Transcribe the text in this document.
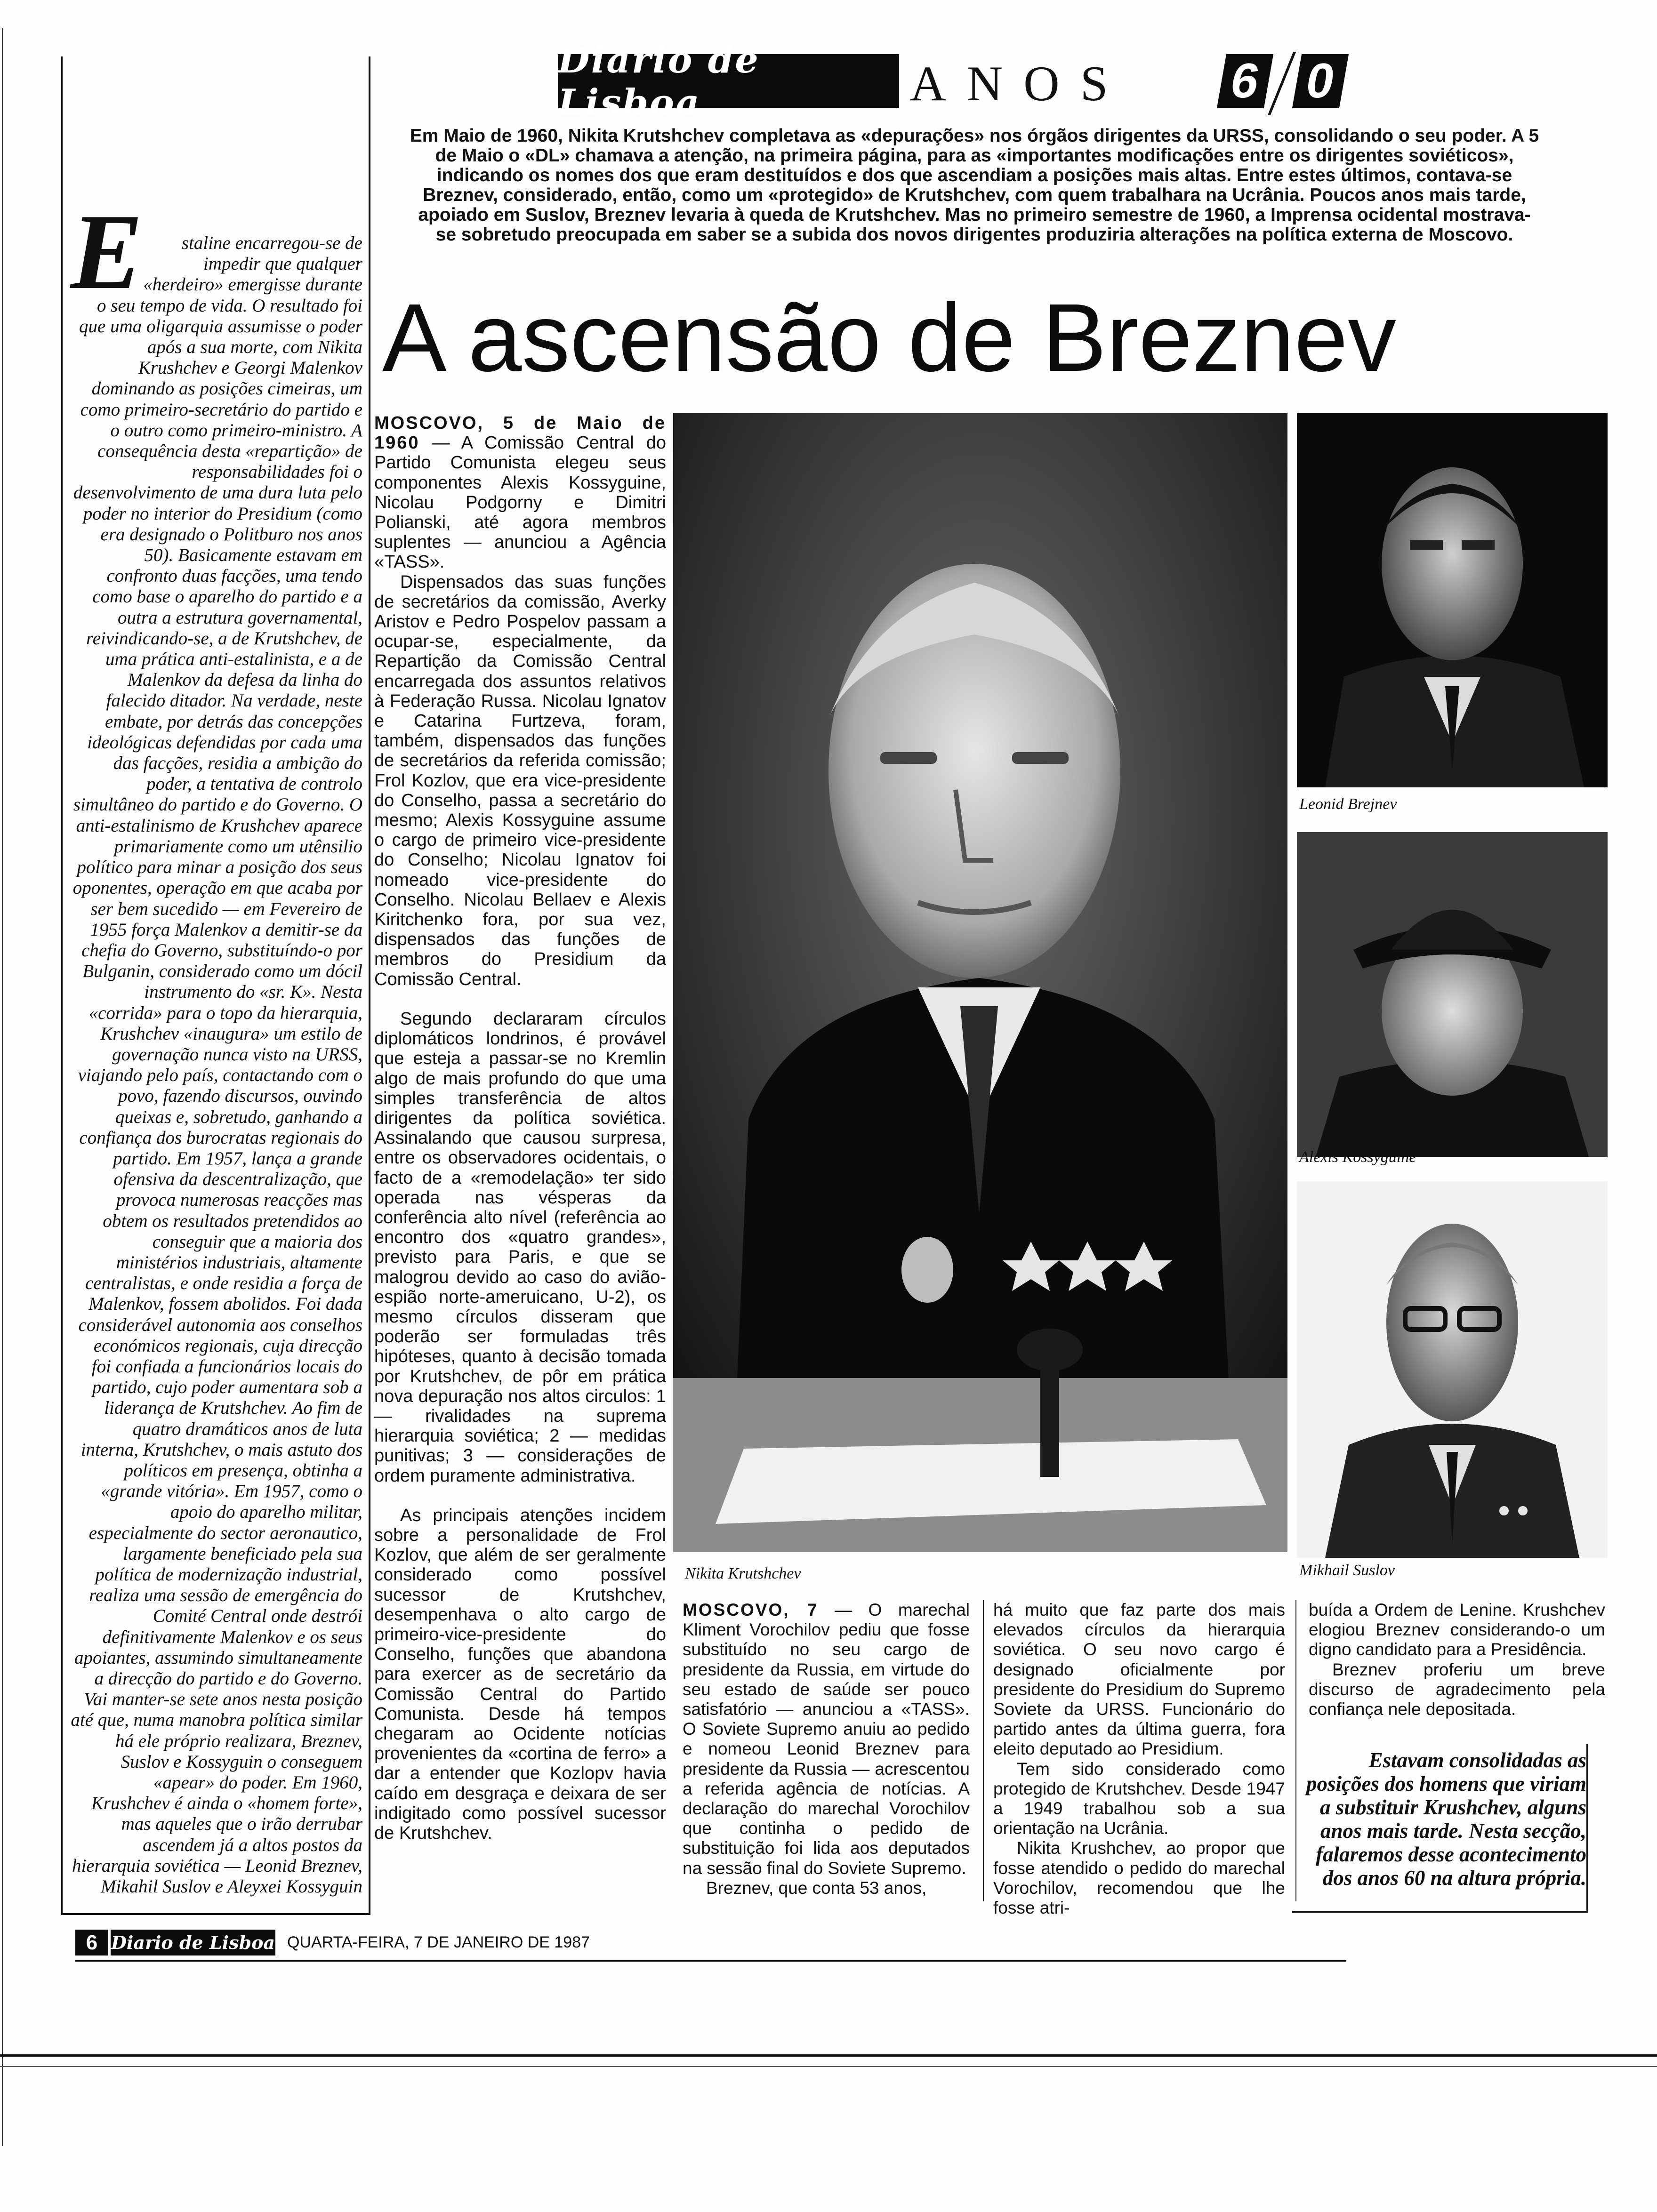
Diario de Lisboa	ANOS 6 0
E	staline encarregou-se de impedir que qualquer «herdeiro» emergisse durante o seu tempo de vida. O resultado foi que uma oligarquia assumisse o poder após a sua morte, com Nikita Krushchev e Georgi Malenkov dominando as posições cimeiras, um como primeiro-secretário do partido e o outro como primeiro-ministro. A consequência desta «repartição» de responsabilidades foi o desenvolvimento de uma dura luta pelo poder no interior do Presidium (como era designado o Politburo nos anos 50). Basicamente estavam em confronto duas facções, uma tendo como base o aparelho do partido e a outra a estrutura governamental, reivindicando-se, a de Krutshchev, de uma prática anti-estalinista, e a de Malenkov da defesa da linha do falecido ditador. Na verdade, neste embate, por detrás das concepções ideológicas defendidas por cada uma das facções, residia a ambição do poder, a tentativa de controlo simultâneo do partido e do Governo. O anti-estalinismo de Krushchev aparece primariamente como um utênsilio político para minar a posição dos seus oponentes, operação em que acaba por ser bem sucedido — em Fevereiro de 1955 força Malenkov a demitir-se da chefia do Governo, substituíndo-o por Bulganin, considerado como um dócil instrumento do «sr. K». Nesta «corrida» para o topo da hierarquia, Krushchev «inaugura» um estilo de governação nunca visto na URSS, viajando pelo país, contactando com o povo, fazendo discursos, ouvindo queixas e, sobretudo, ganhando a confiança dos burocratas regionais do partido. Em 1957, lança a grande ofensiva da descentralização, que provoca numerosas reacções mas obtem os resultados pretendidos ao conseguir que a maioria dos ministérios industriais, altamente centralistas, e onde residia a força de Malenkov, fossem abolidos. Foi dada considerável autonomia aos conselhos económicos regionais, cuja direcção foi confiada a funcionários locais do partido, cujo poder aumentara sob a liderança de Krutshchev. Ao fim de quatro dramáticos anos de luta interna, Krutshchev, o mais astuto dos políticos em presença, obtinha a «grande vitória». Em 1957, como o apoio do aparelho militar, especialmente do sector aeronautico, largamente beneficiado pela sua política de modernização industrial, realiza uma sessão de emergência do Comité Central onde destrói definitivamente Malenkov e os seus apoiantes, assumindo simultaneamente a direcção do partido e do Governo. Vai manter-se sete anos nesta posição até que, numa manobra política similar há ele próprio realizara, Breznev, Suslov e Kossyguin o conseguem «apear» do poder. Em 1960, Krushchev é ainda o «homem forte», mas aqueles que o irão derrubar ascendem já a altos postos da hierarquia soviética — Leonid Breznev, Mikahil Suslov e Aleyxei Kossyguin
Em Maio de 1960, Nikita Krutshchev completava as «depurações» nos órgãos dirigentes da URSS, consolidando o seu poder. A 5 de Maio o «DL» chamava a atenção, na primeira página, para as «importantes modificações entre os dirigentes soviéticos», indicando os nomes dos que eram destituídos e dos que ascendiam a posições mais altas. Entre estes últimos, contava-se Breznev, considerado, então, como um «protegido» de Krutshchev, com quem trabalhara na Ucrânia. Poucos anos mais tarde, apoiado em Suslov, Breznev levaria à queda de Krutshchev. Mas no primeiro semestre de 1960, a Imprensa ocidental mostrava-se sobretudo preocupada em saber se a subida dos novos dirigentes produziria alterações na política externa de Moscovo.
A ascensão de Breznev

MOSCOVO, 5 de Maio de 1960 — A Comissão Central do Partido Comunista elegeu seus componentes Alexis Kossyguine, Nicolau Podgorny e Dimitri Polianski, até agora membros suplentes — anunciou a Agência «TASS».

Dispensados das suas funções de secretários da comissão, Averky Aristov e Pedro Pospelov passam a ocupar-se, especialmente, da Repartição da Comissão Central encarregada dos assuntos relativos à Federação Russa. Nicolau Ignatov e Catarina Furtzeva, foram, também, dispensados das funções de secretários da referida comissão; Frol Kozlov, que era vice-presidente do Conselho, passa a secretário do mesmo; Alexis Kossyguine assume o cargo de primeiro vice-presidente do Conselho; Nicolau Ignatov foi nomeado vice-presidente do Conselho. Nicolau Bellaev e Alexis Kiritchenko fora, por sua vez, dispensados das funções de membros do Presidium da Comissão Central.

Segundo declararam círculos diplomáticos londrinos, é provável que esteja a passar-se no Kremlin algo de mais profundo do que uma simples transferência de altos dirigentes da política soviética. Assinalando que causou surpresa, entre os observadores ocidentais, o facto de a «remodelação» ter sido operada nas vésperas da conferência alto nível (referência ao encontro dos «quatro grandes», previsto para Paris, e que se malogrou devido ao caso do avião-espião norte-ameruicano, U-2), os mesmo círculos disseram que poderão ser formuladas três hipóteses, quanto à decisão tomada por Krutshchev, de pôr em prática nova depuração nos altos circulos: 1 — rivalidades na suprema hierarquia soviética; 2 — medidas punitivas; 3 — considerações de ordem puramente administrativa.

As principais atenções incidem sobre a personalidade de Frol Kozlov, que além de ser geralmente considerado como possível sucessor de Krutshchev, desempenhava o alto cargo de primeiro-vice-presidente do Conselho, funções que abandona para exercer as de secretário da Comissão Central do Partido Comunista. Desde há tempos chegaram ao Ocidente notícias provenientes da «cortina de ferro» a dar a entender que Kozlopv havia caído em desgraça e deixara de ser indigitado como possível sucessor de Krutshchev.

Nikita Krutshchev
Leonid Brejnev
Alexis Kossyguine
Mikhail Suslov

MOSCOVO, 7 — O marechal Kliment Vorochilov pediu que fosse substituído no seu cargo de presidente da Russia, em virtude do seu estado de saúde ser pouco satisfatório — anunciou a «TASS». O Soviete Supremo anuiu ao pedido e nomeou Leonid Breznev para presidente da Russia — acrescentou a referida agência de notícias. A declaração do marechal Vorochilov que continha o pedido de substituição foi lida aos deputados na sessão final do Soviete Supremo.

Breznev, que conta 53 anos,

há muito que faz parte dos mais elevados círculos da hierarquia soviética. O seu novo cargo é designado oficialmente por presidente do Presidium do Supremo Soviete da URSS. Funcionário do partido antes da última guerra, fora eleito deputado ao Presidium.

Tem sido considerado como protegido de Krutshchev. Desde 1947 a 1949 trabalhou sob a sua orientação na Ucrânia.

Nikita Krushchev, ao propor que fosse atendido o pedido do marechal Vorochilov, recomendou que lhe fosse atri-

buída a Ordem de Lenine. Krushchev elogiou Breznev considerando-o um digno candidato para a Presidência.

Breznev proferiu um breve discurso de agradecimento pela confiança nele depositada.

Estavam consolidadas as posições dos homens que viriam a substituir Krushchev, alguns anos mais tarde. Nesta secção, falaremos desse acontecimento dos anos 60 na altura própria.
6 Diario de Lisboa QUARTA-FEIRA, 7 DE JANEIRO DE 1987
